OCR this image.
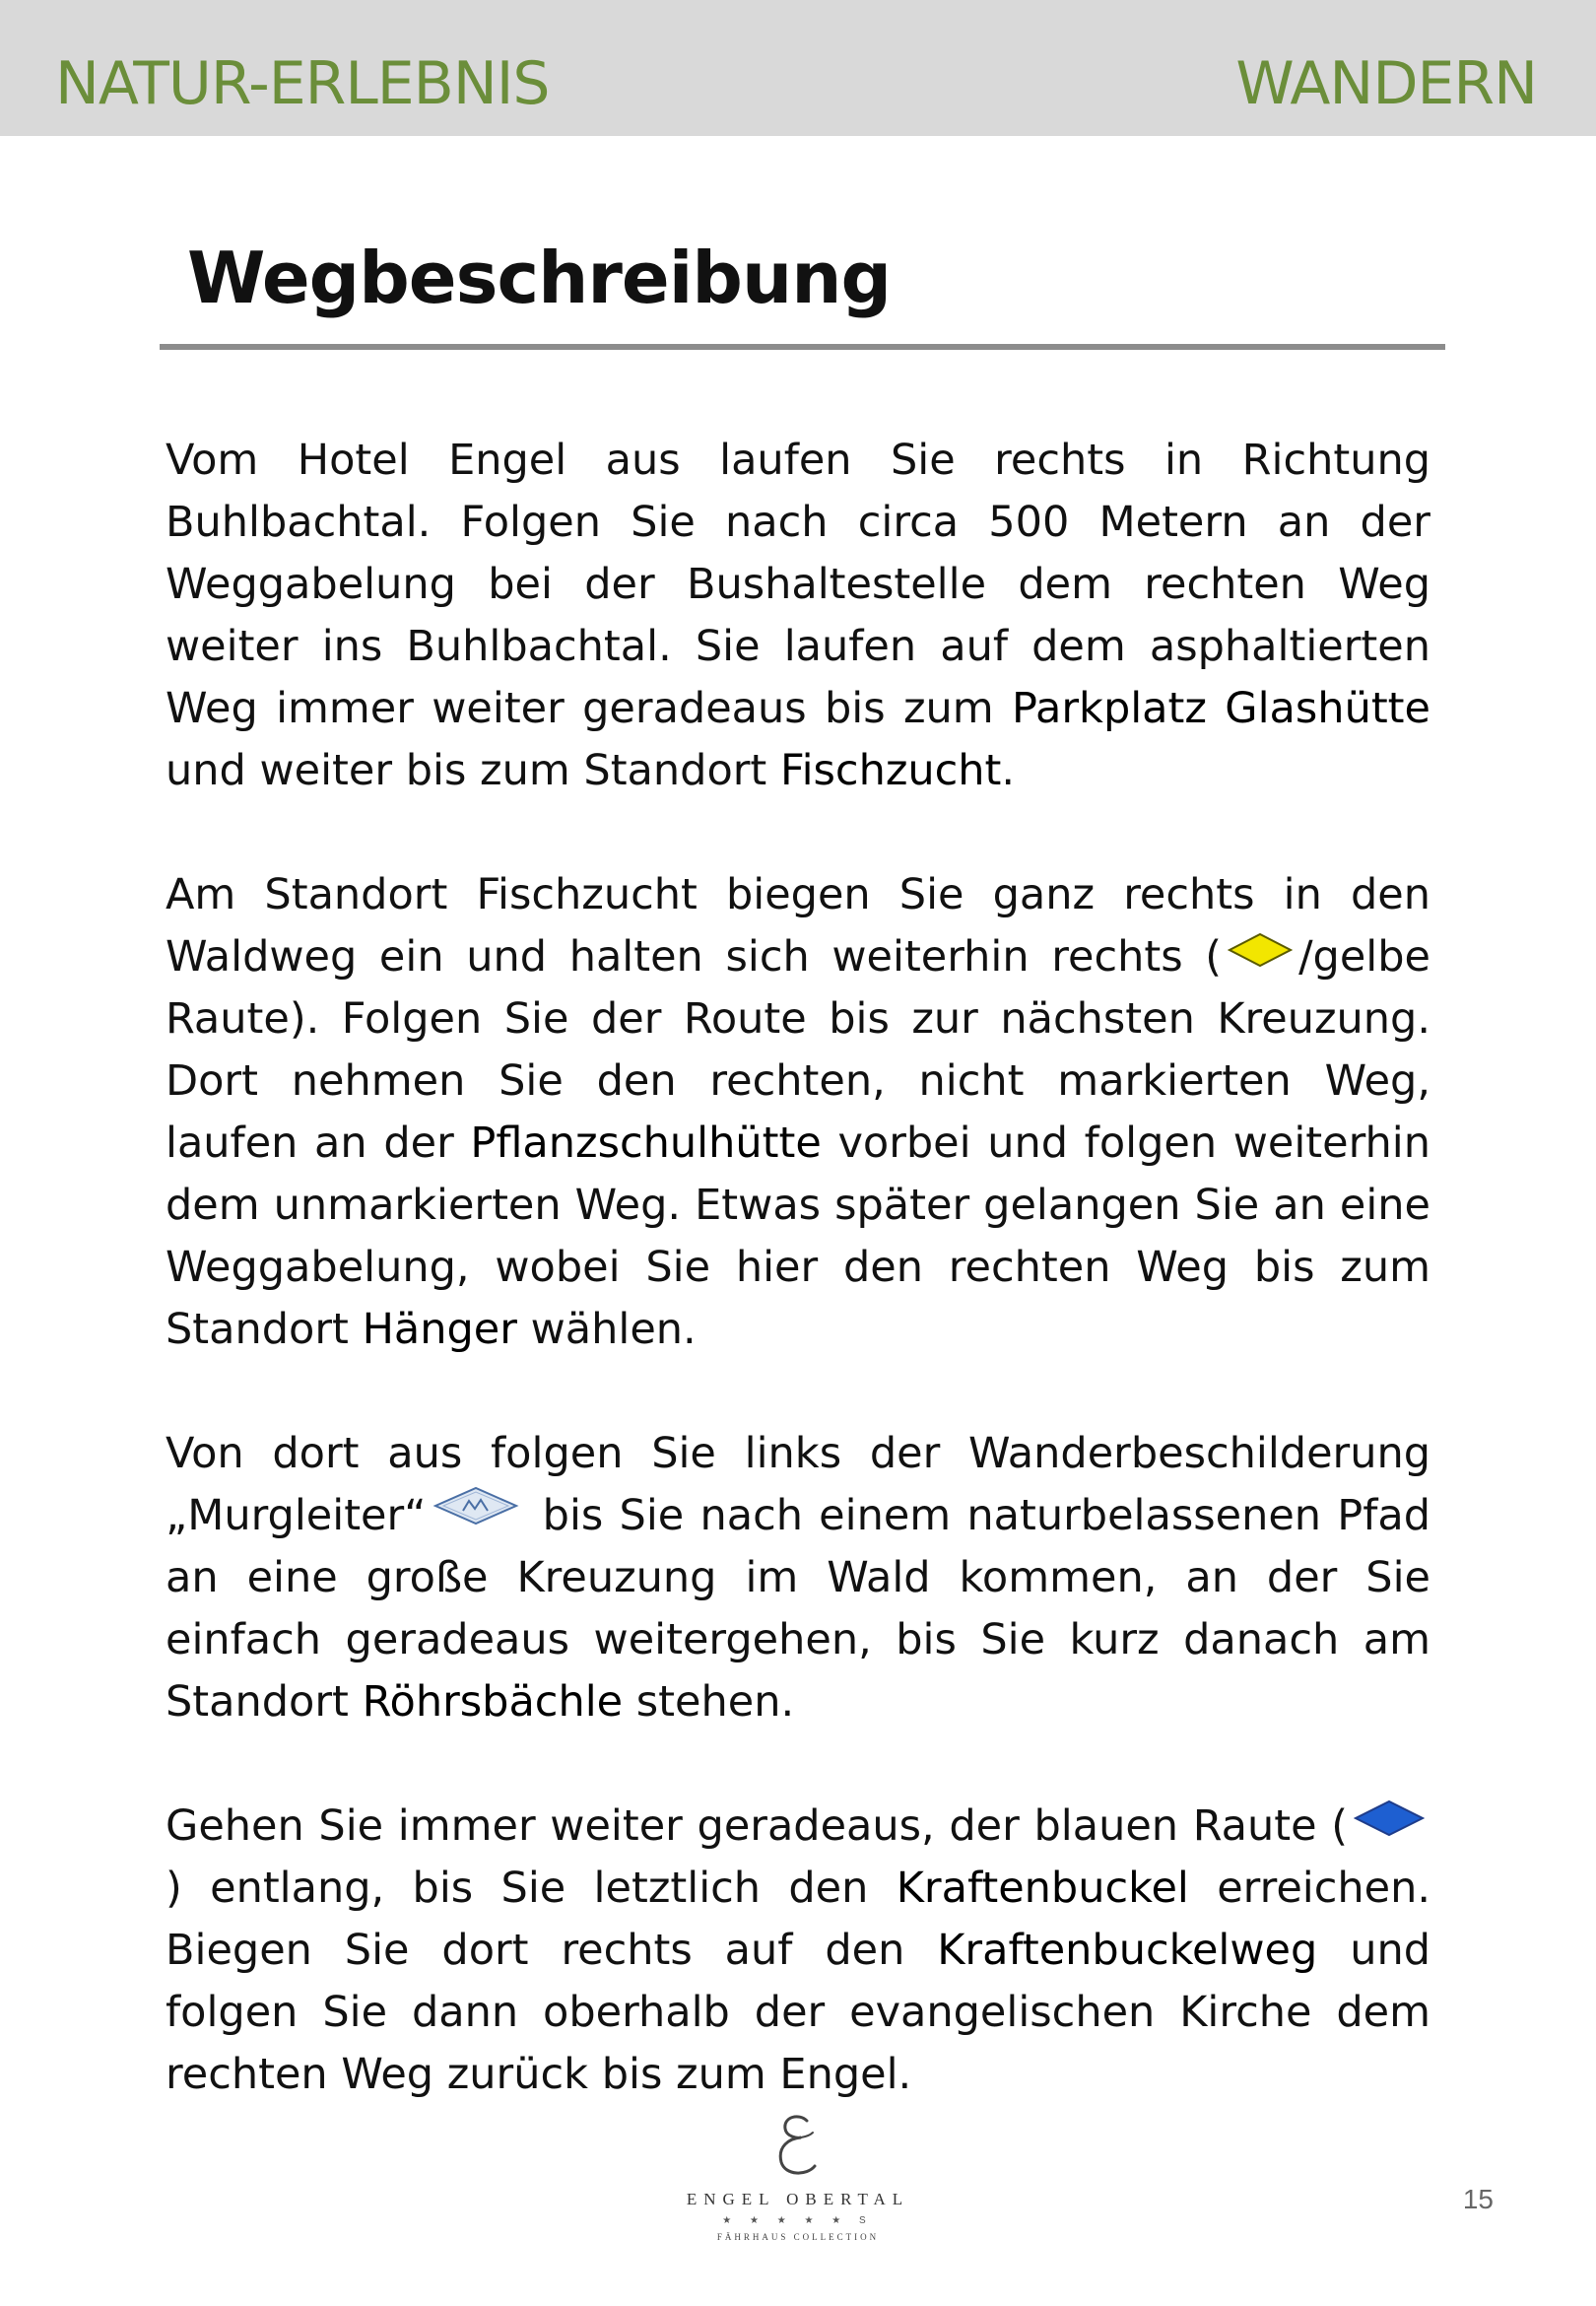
NATUR-ERLEBNIS	WANDERN
Wegbeschreibung

Vom Hotel Engel aus laufen Sie rechts in Richtung Buhlbachtal. Folgen Sie nach circa 500 Metern an der Weggabelung bei der Bushaltestelle dem rechten Weg weiter ins Buhlbachtal. Sie laufen auf dem asphaltierten Weg immer weiter geradeaus bis zum Parkplatz Glashütte und weiter bis zum Standort Fischzucht.

Am Standort Fischzucht biegen Sie ganz rechts in den Waldweg ein und halten sich weiterhin rechts ( /gelbe Raute). Folgen Sie der Route bis zur nächsten Kreuzung. Dort nehmen Sie den rechten, nicht markierten Weg, laufen an der Pflanzschulhütte vorbei und folgen weiterhin dem unmarkierten Weg. Etwas später gelangen Sie an eine Weggabelung, wobei Sie hier den rechten Weg bis zum Standort Hänger wählen.

Von dort aus folgen Sie links der Wanderbeschilderung „Murgleiter“ bis Sie nach einem naturbelassenen Pfad an eine große Kreuzung im Wald kommen, an der Sie einfach geradeaus weitergehen, bis Sie kurz danach am Standort Röhrsbächle stehen.

Gehen Sie immer weiter geradeaus, der blauen Raute () entlang, bis Sie letztlich den Kraftenbuckel erreichen. Biegen Sie dort rechts auf den Kraftenbuckelweg und folgen Sie dann oberhalb der evangelischen Kirche dem rechten Weg zurück bis zum Engel.

ENGEL OBERTAL
★ ★ ★ ★ ★ S
FÄHRHAUS COLLECTION
15
